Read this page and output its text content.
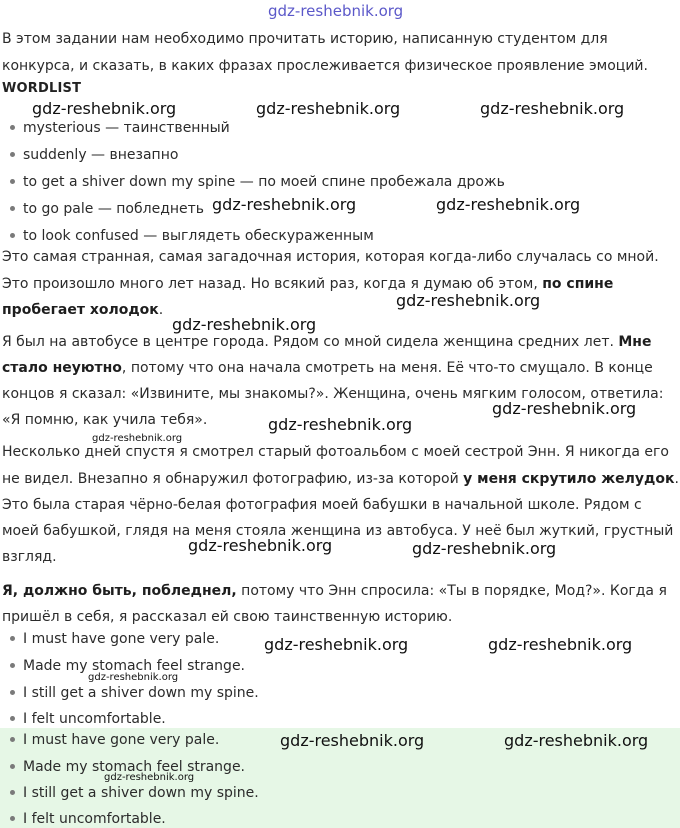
В этом задании нам необходимо прочитать историю, написанную студентом для
конкурса, и сказать, в каких фразах прослеживается физическое проявление эмоций.
WORDLIST
mysterious — таинственный
suddenly — внезапно
to get a shiver down my spine — по моей спине пробежала дрожь
to go pale — побледнеть
to look confused — выглядеть обескураженным
Это самая странная, самая загадочная история, которая когда-либо случалась со мной.
Это произошло много лет назад. Но всякий раз, когда я думаю об этом, по спине
пробегает холодок.
Я был на автобусе в центре города. Рядом со мной сидела женщина средних лет. Мне
стало неуютно, потому что она начала смотреть на меня. Её что-то смущало. В конце
концов я сказал: «Извините, мы знакомы?». Женщина, очень мягким голосом, ответила:
«Я помню, как учила тебя».
Несколько дней спустя я смотрел старый фотоальбом с моей сестрой Энн. Я никогда его
не видел. Внезапно я обнаружил фотографию, из-за которой у меня скрутило желудок.
Это была старая чёрно-белая фотография моей бабушки в начальной школе. Рядом с
моей бабушкой, глядя на меня стояла женщина из автобуса. У неё был жуткий, грустный
взгляд.
Я, должно быть, побледнел, потому что Энн спросила: «Ты в порядке, Мод?». Когда я
пришёл в себя, я рассказал ей свою таинственную историю.
I must have gone very pale.
Made my stomach feel strange.
I still get a shiver down my spine.
I felt uncomfortable.
I must have gone very pale.
Made my stomach feel strange.
I still get a shiver down my spine.
I felt uncomfortable.
gdz-reshebnik.org
gdz-reshebnik.org	gdz-reshebnik.org	gdz-reshebnik.org
gdz-reshebnik.org	gdz-reshebnik.org
gdz-reshebnik.org
gdz-reshebnik.org
gdz-reshebnik.org
gdz-reshebnik.org
gdz-reshebnik.org
gdz-reshebnik.org	gdz-reshebnik.org
gdz-reshebnik.org	gdz-reshebnik.org
gdz-reshebnik.org
gdz-reshebnik.org	gdz-reshebnik.org
gdz-reshebnik.org
